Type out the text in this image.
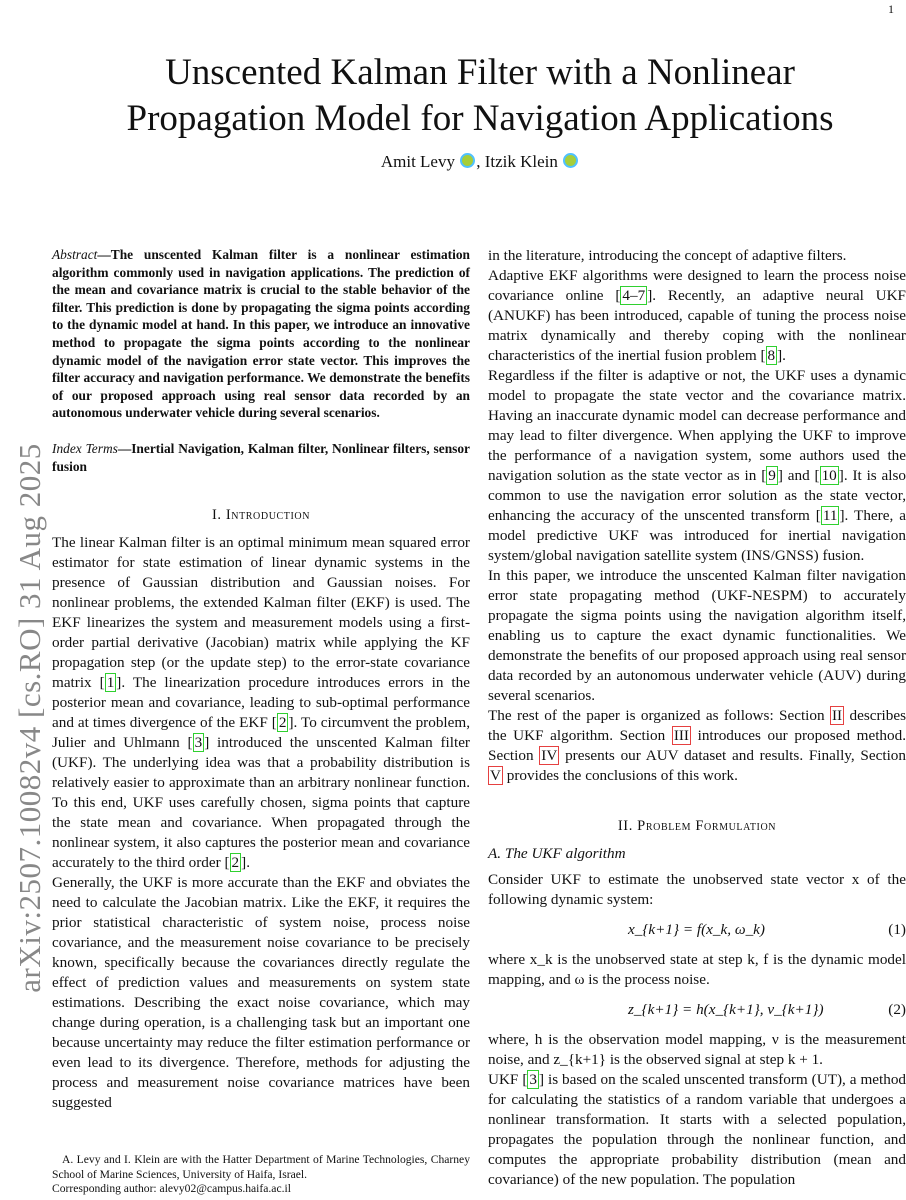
1
arXiv:2507.10082v4 [cs.RO] 31 Aug 2025
Unscented Kalman Filter with a Nonlinear
Propagation Model for Navigation Applications
Amit Levy , Itzik Klein

Abstract—The unscented Kalman filter is a nonlinear estimation algorithm commonly used in navigation applications. The prediction of the mean and covariance matrix is crucial to the stable behavior of the filter. This prediction is done by propagating the sigma points according to the dynamic model at hand. In this paper, we introduce an innovative method to propagate the sigma points according to the nonlinear dynamic model of the navigation error state vector. This improves the filter accuracy and navigation performance. We demonstrate the benefits of our proposed approach using real sensor data recorded by an autonomous underwater vehicle during several scenarios.

Index Terms—Inertial Navigation, Kalman filter, Nonlinear filters, sensor fusion

I. Introduction

The linear Kalman filter is an optimal minimum mean squared error estimator for state estimation of linear dynamic systems in the presence of Gaussian distribution and Gaussian noises. For nonlinear problems, the extended Kalman filter (EKF) is used. The EKF linearizes the system and measurement models using a first-order partial derivative (Jacobian) matrix while applying the KF propagation step (or the update step) to the error-state covariance matrix [ 1 ]. The linearization procedure introduces errors in the posterior mean and covariance, leading to sub-optimal performance and at times divergence of the EKF [ 2 ]. To circumvent the problem, Julier and Uhlmann [ 3 ] introduced the unscented Kalman filter (UKF). The underlying idea was that a probability distribution is relatively easier to approximate than an arbitrary nonlinear function. To this end, UKF uses carefully chosen, sigma points that capture the state mean and covariance. When propagated through the nonlinear system, it also captures the posterior mean and covariance accurately to the third order [ 2 ].

Generally, the UKF is more accurate than the EKF and obviates the need to calculate the Jacobian matrix. Like the EKF, it requires the prior statistical characteristic of system noise, process noise covariance, and the measurement noise covariance to be precisely known, specifically because the covariances directly regulate the effect of prediction values and measurements on system state estimations. Describing the exact noise covariance, which may change during operation, is a challenging task but an important one because uncertainty may reduce the filter estimation performance or even lead to its divergence. Therefore, methods for adjusting the process and measurement noise covariance matrices have been suggested

A. Levy and I. Klein are with the Hatter Department of Marine Technologies, Charney School of Marine Sciences, University of Haifa, Israel.

Corresponding author: alevy02@campus.haifa.ac.il

in the literature, introducing the concept of adaptive filters.

Adaptive EKF algorithms were designed to learn the process noise covariance online [ 4–7 ]. Recently, an adaptive neural UKF (ANUKF) has been introduced, capable of tuning the process noise matrix dynamically and thereby coping with the nonlinear characteristics of the inertial fusion problem [ 8 ].

Regardless if the filter is adaptive or not, the UKF uses a dynamic model to propagate the state vector and the covariance matrix. Having an inaccurate dynamic model can decrease performance and may lead to filter divergence. When applying the UKF to improve the performance of a navigation system, some authors used the navigation solution as the state vector as in [ 9 ] and [ 10 ]. It is also common to use the navigation error solution as the state vector, enhancing the accuracy of the unscented transform [ 11 ]. There, a model predictive UKF was introduced for inertial navigation system/global navigation satellite system (INS/GNSS) fusion.

In this paper, we introduce the unscented Kalman filter navigation error state propagating method (UKF-NESPM) to accurately propagate the sigma points using the navigation algorithm itself, enabling us to capture the exact dynamic functionalities. We demonstrate the benefits of our proposed approach using real sensor data recorded by an autonomous underwater vehicle (AUV) during several scenarios.

The rest of the paper is organized as follows: Section II describes the UKF algorithm. Section III introduces our proposed method. Section IV presents our AUV dataset and results. Finally, Section V provides the conclusions of this work.

II. Problem Formulation
A. The UKF algorithm

Consider UKF to estimate the unobserved state vector x of the following dynamic system:

x_{k+1} = f(x_k, ω_k)	(1)

where x_k is the unobserved state at step k, f is the dynamic model mapping, and ω is the process noise.

z_{k+1} = h(x_{k+1}, ν_{k+1})	(2)

where, h is the observation model mapping, ν is the measurement noise, and z_{k+1} is the observed signal at step k + 1.

UKF [ 3 ] is based on the scaled unscented transform (UT), a method for calculating the statistics of a random variable that undergoes a nonlinear transformation. It starts with a selected population, propagates the population through the nonlinear function, and computes the appropriate probability distribution (mean and covariance) of the new population. The population
